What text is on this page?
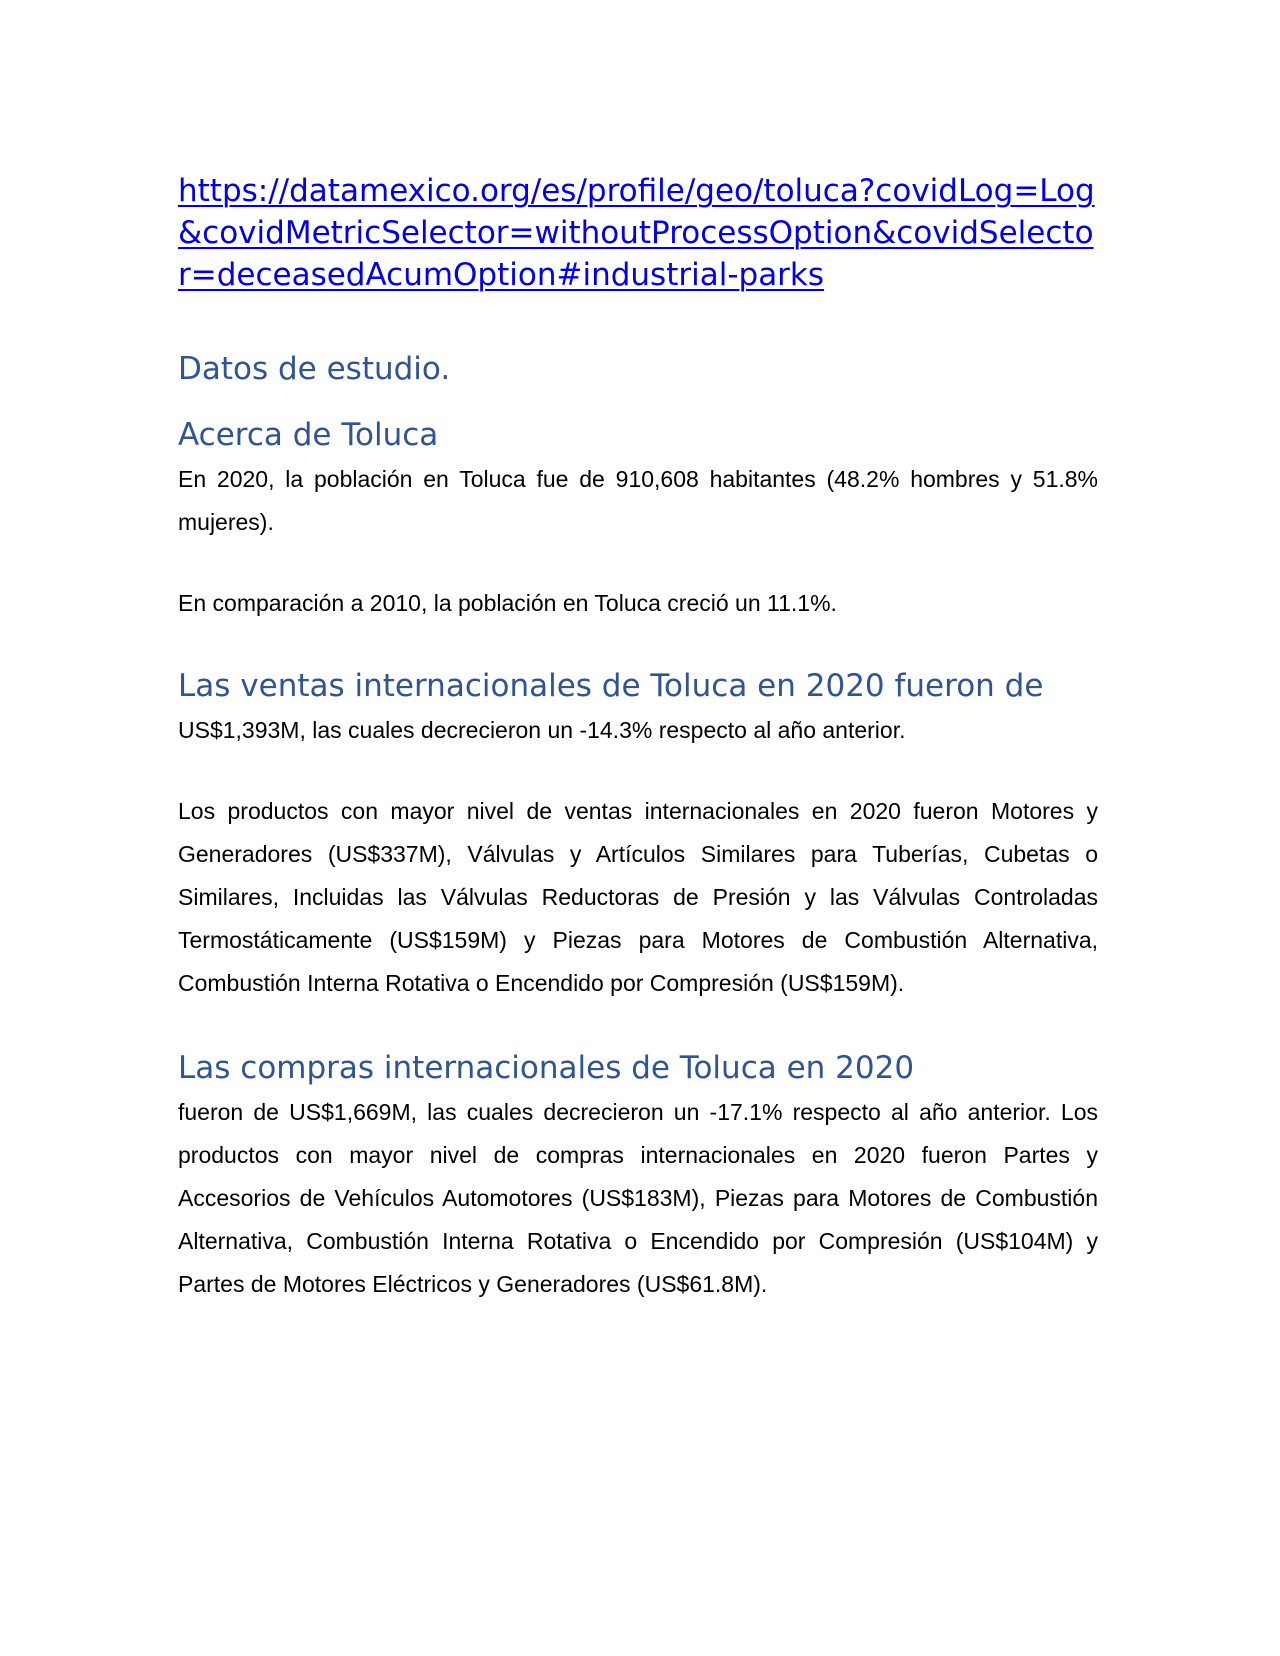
https://datamexico.org/es/profile/geo/toluca?covidLog=Log&covidMetricSelector=withoutProcessOption&covidSelector=deceasedAcumOption#industrial-parks
Datos de estudio.
Acerca de Toluca

En 2020, la población en Toluca fue de 910,608 habitantes (48.2% hombres y 51.8% mujeres).

En comparación a 2010, la población en Toluca creció un 11.1%.

Las ventas internacionales de Toluca en 2020 fueron de

US$1,393M, las cuales decrecieron un -14.3% respecto al año anterior.

Los productos con mayor nivel de ventas internacionales en 2020 fueron Motores y Generadores (US$337M), Válvulas y Artículos Similares para Tuberías, Cubetas o Similares, Incluidas las Válvulas Reductoras de Presión y las Válvulas Controladas Termostáticamente (US$159M) y Piezas para Motores de Combustión Alternativa, Combustión Interna Rotativa o Encendido por Compresión (US$159M).

Las compras internacionales de Toluca en 2020

fueron de US$1,669M, las cuales decrecieron un -17.1% respecto al año anterior. Los productos con mayor nivel de compras internacionales en 2020 fueron Partes y Accesorios de Vehículos Automotores (US$183M), Piezas para Motores de Combustión Alternativa, Combustión Interna Rotativa o Encendido por Compresión (US$104M) y Partes de Motores Eléctricos y Generadores (US$61.8M).
